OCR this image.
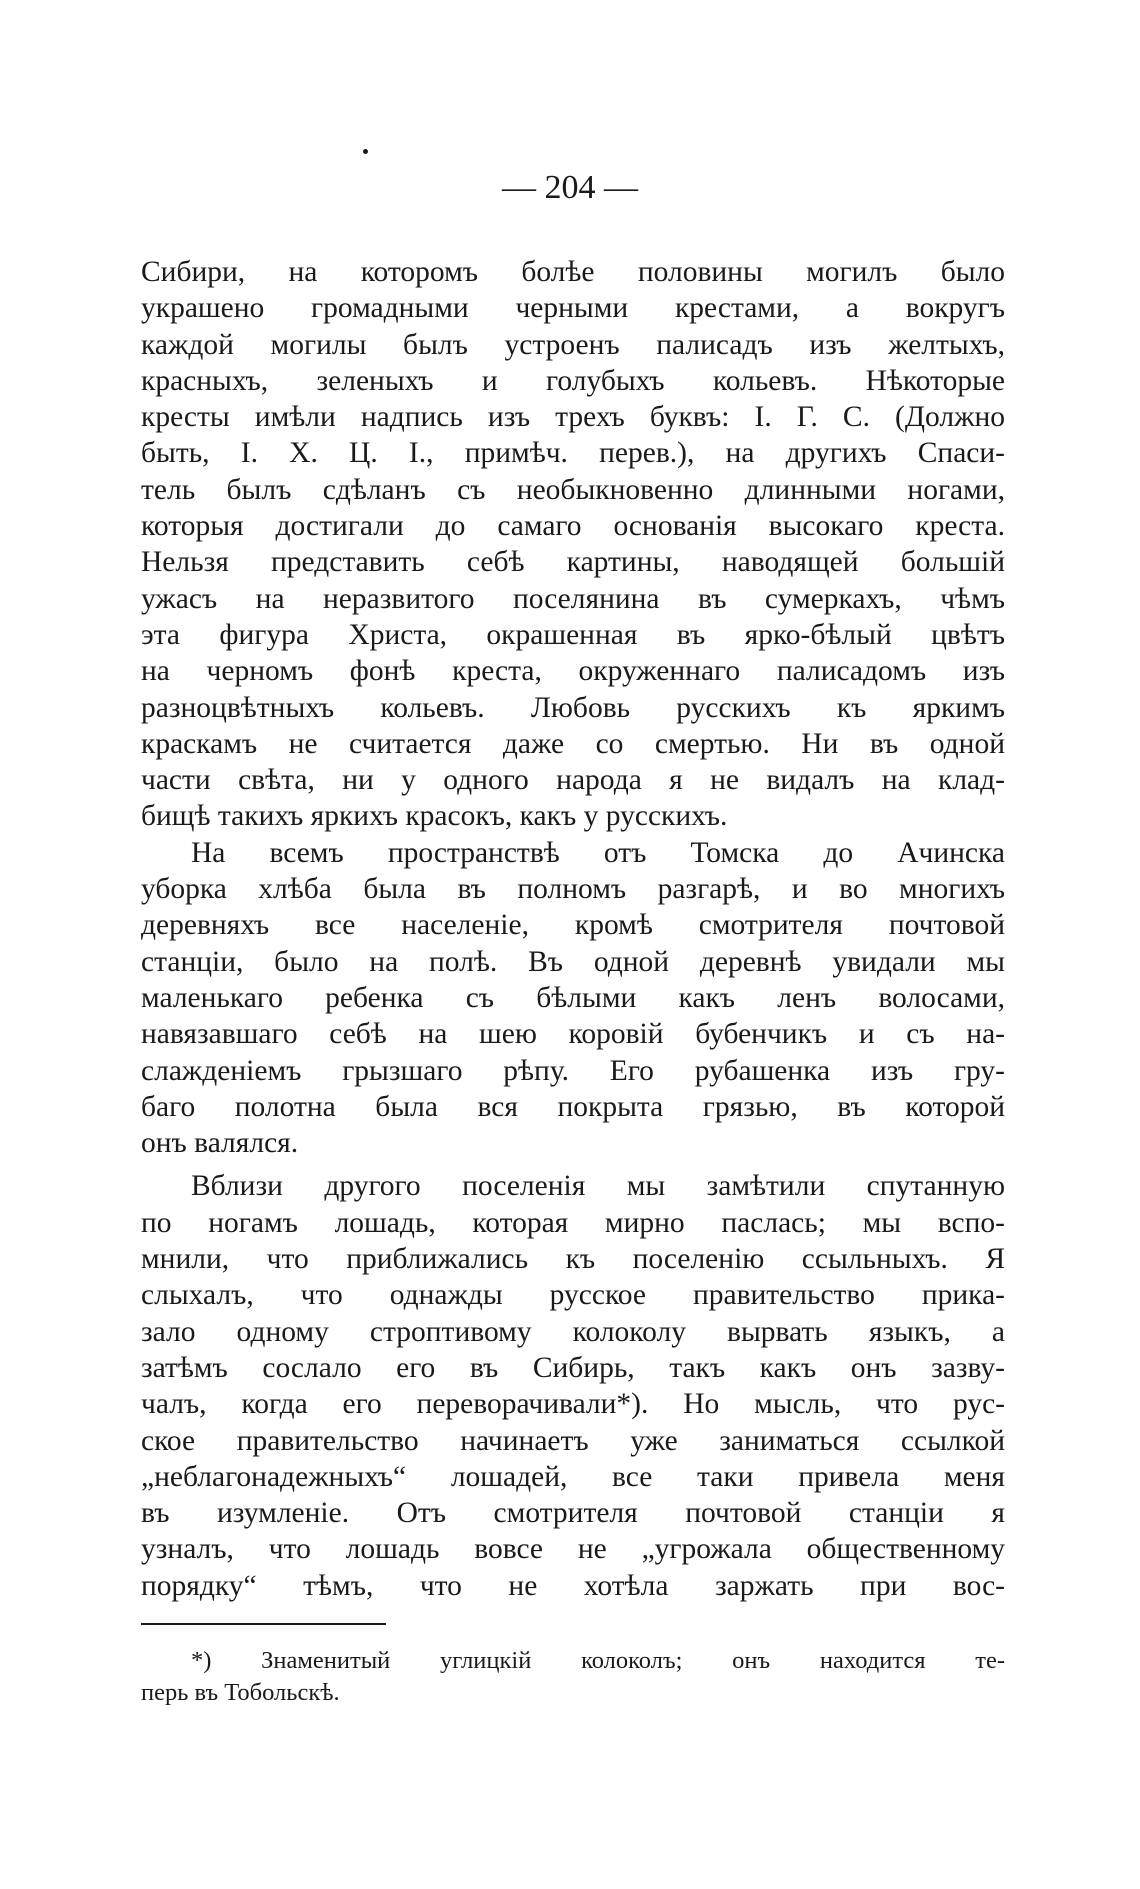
— 204 —

Сибири, на которомъ болѣе половины могилъ было
украшено громадными черными крестами, а вокругъ
каждой могилы былъ устроенъ палисадъ изъ желтыхъ,
красныхъ, зеленыхъ и голубыхъ кольевъ. Нѣкоторые
кресты имѣли надпись изъ трехъ буквъ: І. Г. С. (Должно
быть, І. Х. Ц. І., примѣч. перев.), на другихъ Спаси-
тель былъ сдѣланъ съ необыкновенно длинными ногами,
которыя достигали до самаго основанія высокаго креста.
Нельзя представить себѣ картины, наводящей большій
ужасъ на неразвитого поселянина въ сумеркахъ, чѣмъ
эта фигура Христа, окрашенная въ ярко-бѣлый цвѣтъ
на черномъ фонѣ креста, окруженнаго палисадомъ изъ
разноцвѣтныхъ кольевъ. Любовь русскихъ къ яркимъ
краскамъ не считается даже со смертью. Ни въ одной
части свѣта, ни у одного народа я не видалъ на клад-
бищѣ такихъ яркихъ красокъ, какъ у русскихъ.
На всемъ пространствѣ отъ Томска до Ачинска
уборка хлѣба была въ полномъ разгарѣ, и во многихъ
деревняхъ все населеніе, кромѣ смотрителя почтовой
станціи, было на полѣ. Въ одной деревнѣ увидали мы
маленькаго ребенка съ бѣлыми какъ ленъ волосами,
навязавшаго себѣ на шею коровій бубенчикъ и съ на-
слажденіемъ грызшаго рѣпу. Его рубашенка изъ гру-
баго полотна была вся покрыта грязью, въ которой
онъ валялся.
Вблизи другого поселенія мы замѣтили спутанную
по ногамъ лошадь, которая мирно паслась; мы вспо-
мнили, что приближались къ поселенію ссыльныхъ. Я
слыхалъ, что однажды русское правительство прика-
зало одному строптивому колоколу вырвать языкъ, а
затѣмъ сослало его въ Сибирь, такъ какъ онъ зазву-
чалъ, когда его переворачивали*). Но мысль, что рус-
ское правительство начинаетъ уже заниматься ссылкой
„неблагонадежныхъ“ лошадей, все таки привела меня
въ изумленіе. Отъ смотрителя почтовой станціи я
узналъ, что лошадь вовсе не „угрожала общественному
порядку“ тѣмъ, что не хотѣла заржать при вос-
*) Знаменитый углицкій колоколъ; онъ находится те-
перь въ Тобольскѣ.
